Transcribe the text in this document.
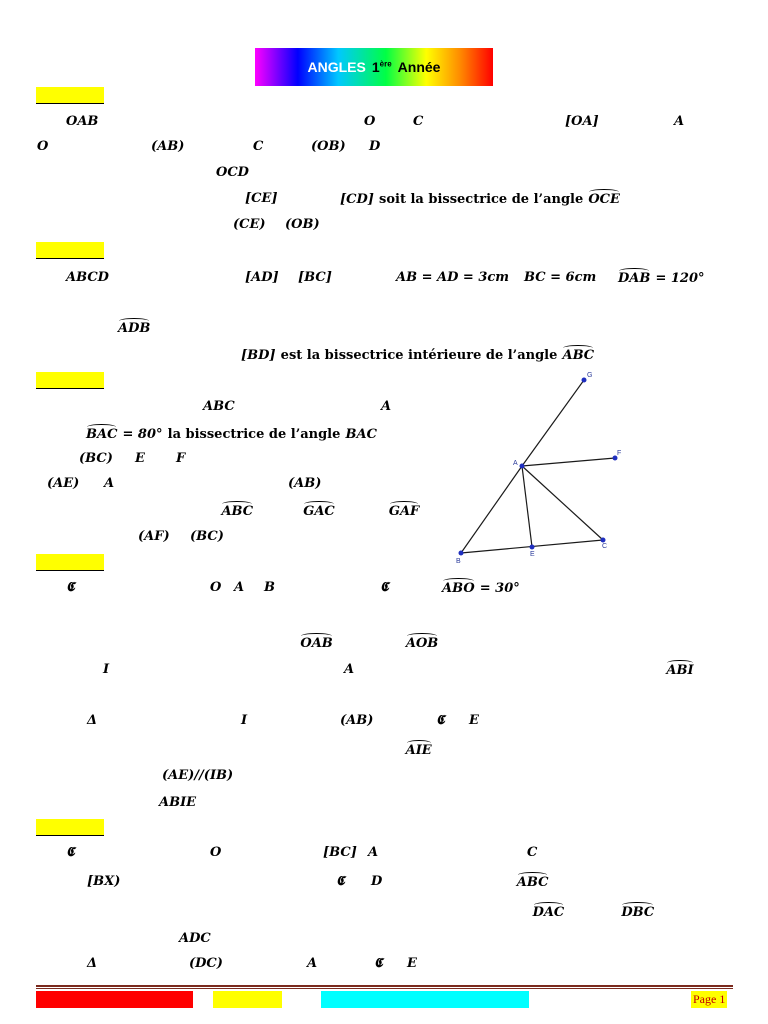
ANGLES 1ère Année
OAB	O	C	[OA]	A
O	(AB)	C	(OB) D
OCD
[CE]	[CD] soit la bissectrice de l’angle OCE
(CE) (OB)
ABCD	[AD] [BC]	AB = AD = 3cm BC = 6cm DAB = 120°
ADB
[BD] est la bissectrice intérieure de l’angle ABC
ABC	A
BAC = 80° la bissectrice de l’angle BAC
(BC) E F
(AE) A	(AB)
ABC	GAC	GAF
(AF) (BC)
G
A
F
B
E
C
𝕮	O A B	𝕮	ABO = 30°
OAB	AOB
I	A	ABI
Δ	I	(AB)	𝕮 E
AIE
(AE)//(IB)
ABIE
𝕮	O	[BC] A	C
[BX)	ABC
𝕮 D
DAC	DBC
ADC
Δ	(DC)	A	𝕮 E
Page 1
